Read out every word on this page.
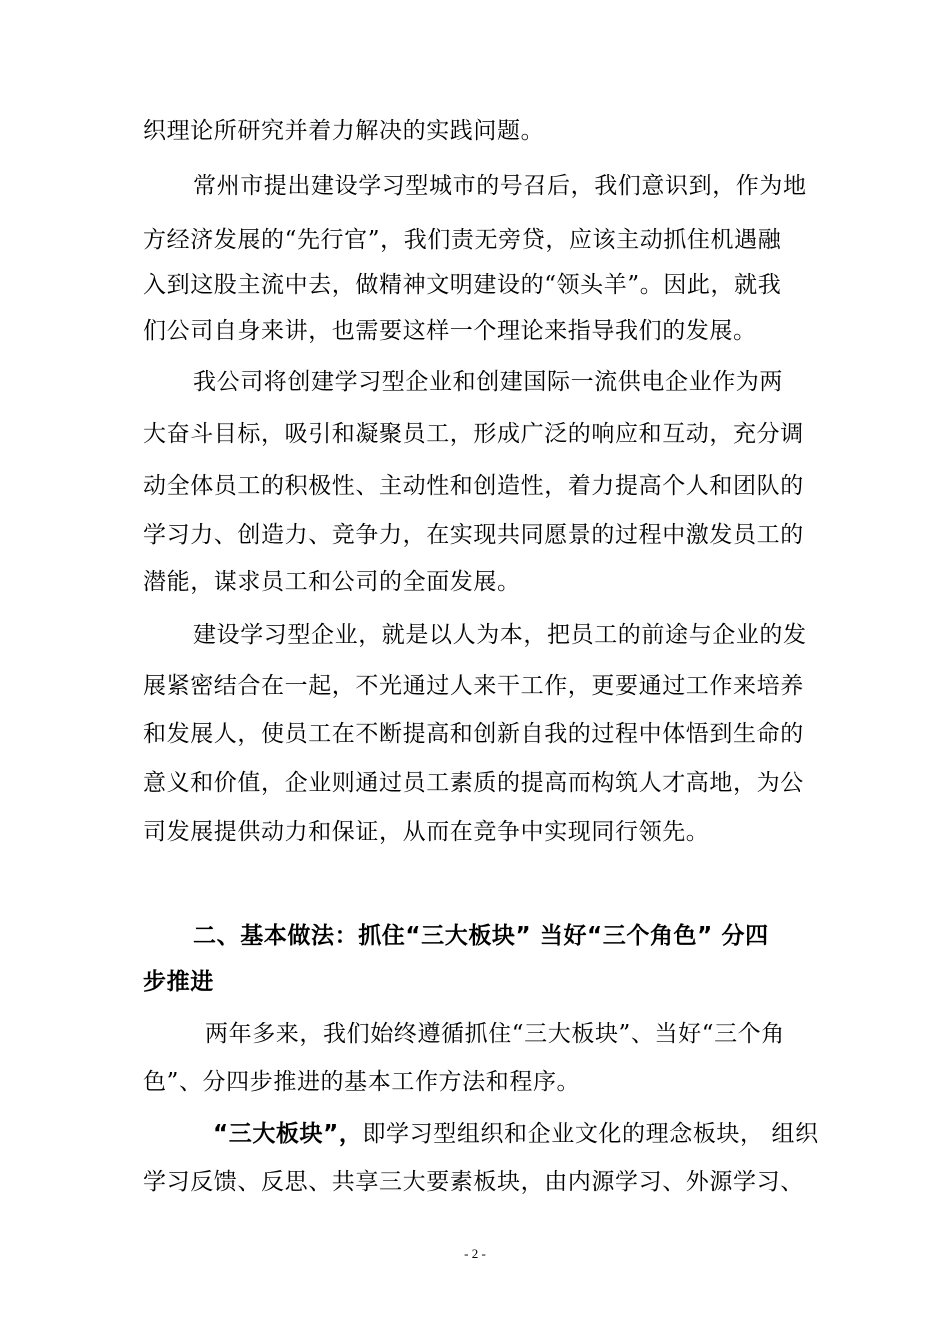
织理论所研究并着力解决的实践问题。
常州市提出建设学习型城市的号召后，我们意识到，作为地
方经济发展的“先行官”，我们责无旁贷，应该主动抓住机遇融
入到这股主流中去，做精神文明建设的“领头羊”。因此，就我
们公司自身来讲，也需要这样一个理论来指导我们的发展。
我公司将创建学习型企业和创建国际一流供电企业作为两
大奋斗目标，吸引和凝聚员工，形成广泛的响应和互动，充分调
动全体员工的积极性、主动性和创造性，着力提高个人和团队的
学习力、创造力、竞争力，在实现共同愿景的过程中激发员工的
潜能，谋求员工和公司的全面发展。
建设学习型企业，就是以人为本，把员工的前途与企业的发
展紧密结合在一起，不光通过人来干工作，更要通过工作来培养
和发展人，使员工在不断提高和创新自我的过程中体悟到生命的
意义和价值，企业则通过员工素质的提高而构筑人才高地，为公
司发展提供动力和保证，从而在竞争中实现同行领先。
二、基本做法：抓住“三大板块” 当好“三个角色” 分四
步推进
两年多来，我们始终遵循抓住“三大板块”、当好“三个角
色”、分四步推进的基本工作方法和程序。
“三大板块”，即学习型组织和企业文化的理念板块， 组织
学习反馈、反思、共享三大要素板块，由内源学习、外源学习、
- 2 -
